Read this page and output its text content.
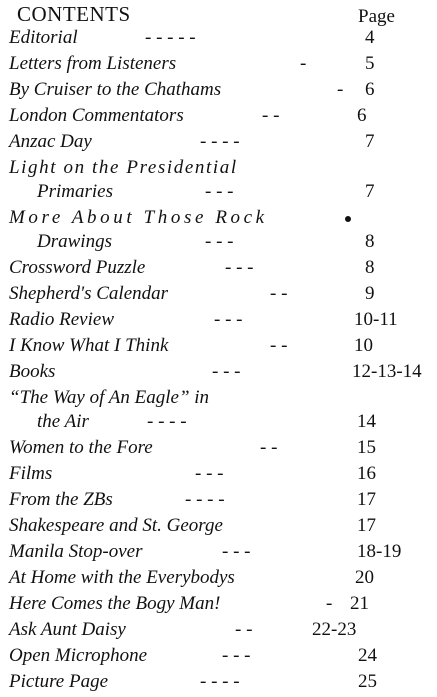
CONTENTS	Page
Editorial	- - - - -	4
Letters from Listeners	-	5
By Cruiser to the Chathams	- 6
London Commentators	- -	6
Anzac Day	- - - -	7
Light on the Presidential
Primaries	- - -	7
More About Those Rock
Drawings	- - -	8
Crossword Puzzle	- - -	8
Shepherd's Calendar	- -	9
Radio Review	- - -	10-11
I Know What I Think	- -	10
Books	- - -	12-13-14
“The Way of An Eagle” in
the Air	- - - -	14
Women to the Fore	- -	15
Films	- - -	16
From the ZBs	- - - -	17
Shakespeare and St. George	17
Manila Stop-over	- - -	18-19
At Home with the Everybodys	20
Here Comes the Bogy Man!	- 21
Ask Aunt Daisy	- -	22-23
Open Microphone	- - -	24
Picture Page	- - - -	25
